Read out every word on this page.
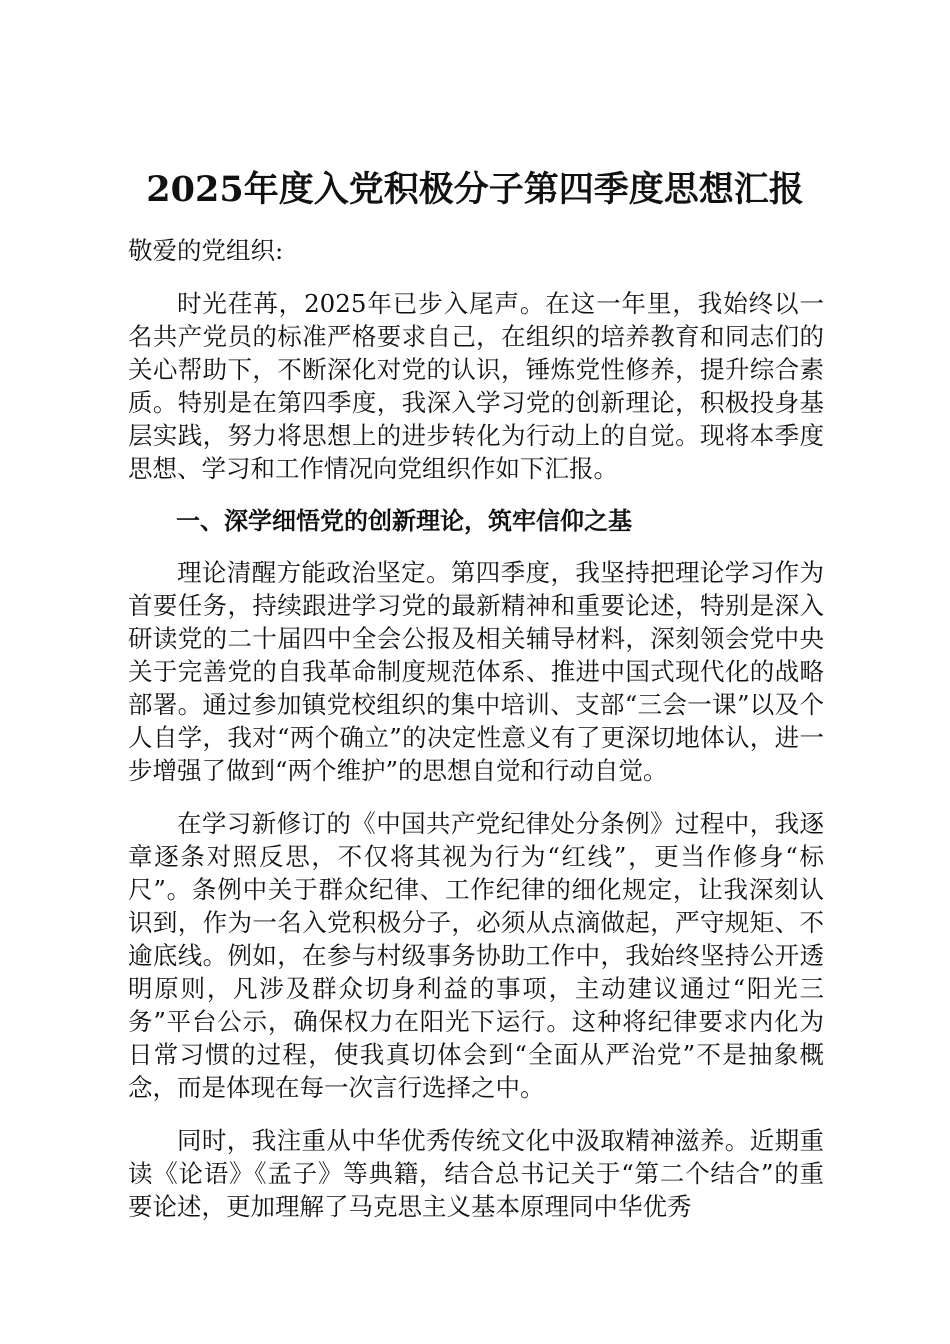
2025年度入党积极分子第四季度思想汇报

敬爱的党组织:

时光荏苒，2025年已步入尾声。在这一年里，我始终以一名共产党员的标准严格要求自己，在组织的培养教育和同志们的关心帮助下，不断深化对党的认识，锤炼党性修养，提升综合素质。特别是在第四季度，我深入学习党的创新理论，积极投身基层实践，努力将思想上的进步转化为行动上的自觉。现将本季度思想、学习和工作情况向党组织作如下汇报。

一、深学细悟党的创新理论，筑牢信仰之基

理论清醒方能政治坚定。第四季度，我坚持把理论学习作为首要任务，持续跟进学习党的最新精神和重要论述，特别是深入研读党的二十届四中全会公报及相关辅导材料，深刻领会党中央关于完善党的自我革命制度规范体系、推进中国式现代化的战略部署。通过参加镇党校组织的集中培训、支部“三会一课”以及个人自学，我对“两个确立”的决定性意义有了更深切地体认，进一步增强了做到“两个维护”的思想自觉和行动自觉。

在学习新修订的《中国共产党纪律处分条例》过程中，我逐章逐条对照反思，不仅将其视为行为“红线”，更当作修身“标尺”。条例中关于群众纪律、工作纪律的细化规定，让我深刻认识到，作为一名入党积极分子，必须从点滴做起，严守规矩、不逾底线。例如，在参与村级事务协助工作中，我始终坚持公开透明原则，凡涉及群众切身利益的事项，主动建议通过“阳光三务”平台公示，确保权力在阳光下运行。这种将纪律要求内化为日常习惯的过程，使我真切体会到“全面从严治党”不是抽象概念，而是体现在每一次言行选择之中。

同时，我注重从中华优秀传统文化中汲取精神滋养。近期重读《论语》《孟子》等典籍，结合总书记关于“第二个结合”的重要论述，更加理解了马克思主义基本原理同中华优秀
